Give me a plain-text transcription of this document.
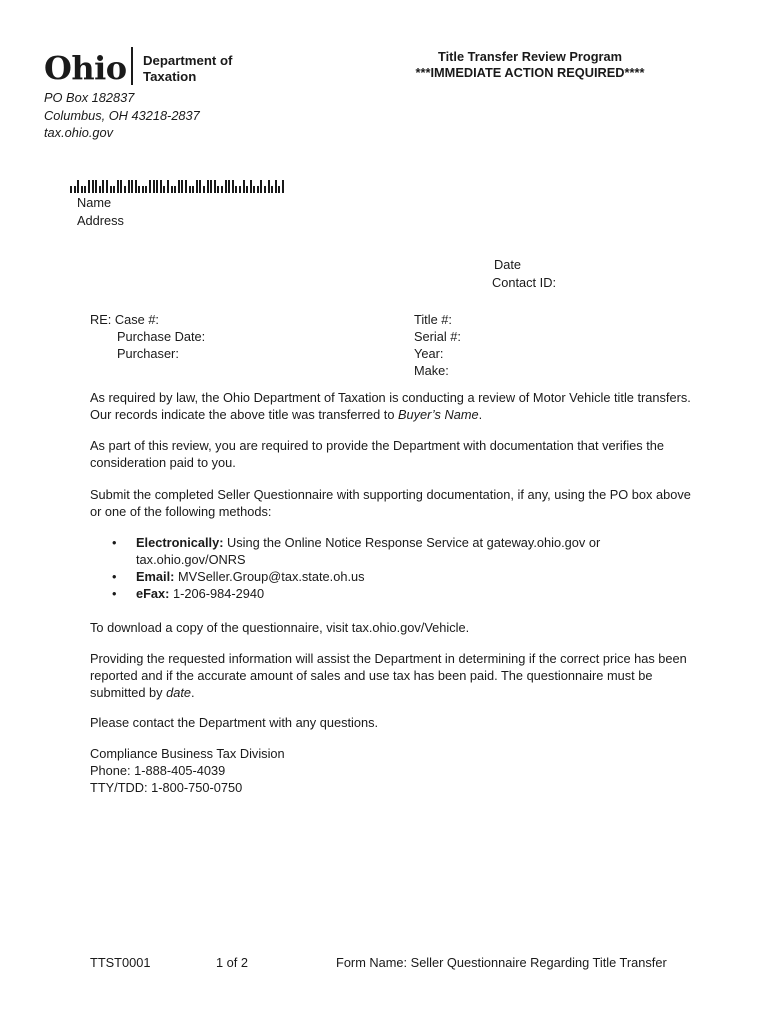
Ohio Department of
Taxation
Title Transfer Review Program
***IMMEDIATE ACTION REQUIRED****
PO Box 182837
Columbus, OH 43218-2837
tax.ohio.gov
Name
Address
Date
Contact ID:
RE: Case #:
Purchase Date:
Purchaser:
Title #:
Serial #:
Year:
Make:

As required by law, the Ohio Department of Taxation is conducting a review of Motor Vehicle title transfers. Our records indicate the above title was transferred to Buyer’s Name.

As part of this review, you are required to provide the Department with documentation that verifies the consideration paid to you.

Submit the completed Seller Questionnaire with supporting documentation, if any, using the PO box above or one of the following methods:

• Electronically: Using the Online Notice Response Service at gateway.ohio.gov or tax.ohio.gov/ONRS
• Email: MVSeller.Group@tax.state.oh.us
• eFax: 1-206-984-2940

To download a copy of the questionnaire, visit tax.ohio.gov/Vehicle.

Providing the requested information will assist the Department in determining if the correct price has been reported and if the accurate amount of sales and use tax has been paid. The questionnaire must be submitted by date.

Please contact the Department with any questions.

Compliance Business Tax Division
Phone: 1-888-405-4039
TTY/TDD: 1-800-750-0750
TTST0001	1 of 2	Form Name: Seller Questionnaire Regarding Title Transfer
